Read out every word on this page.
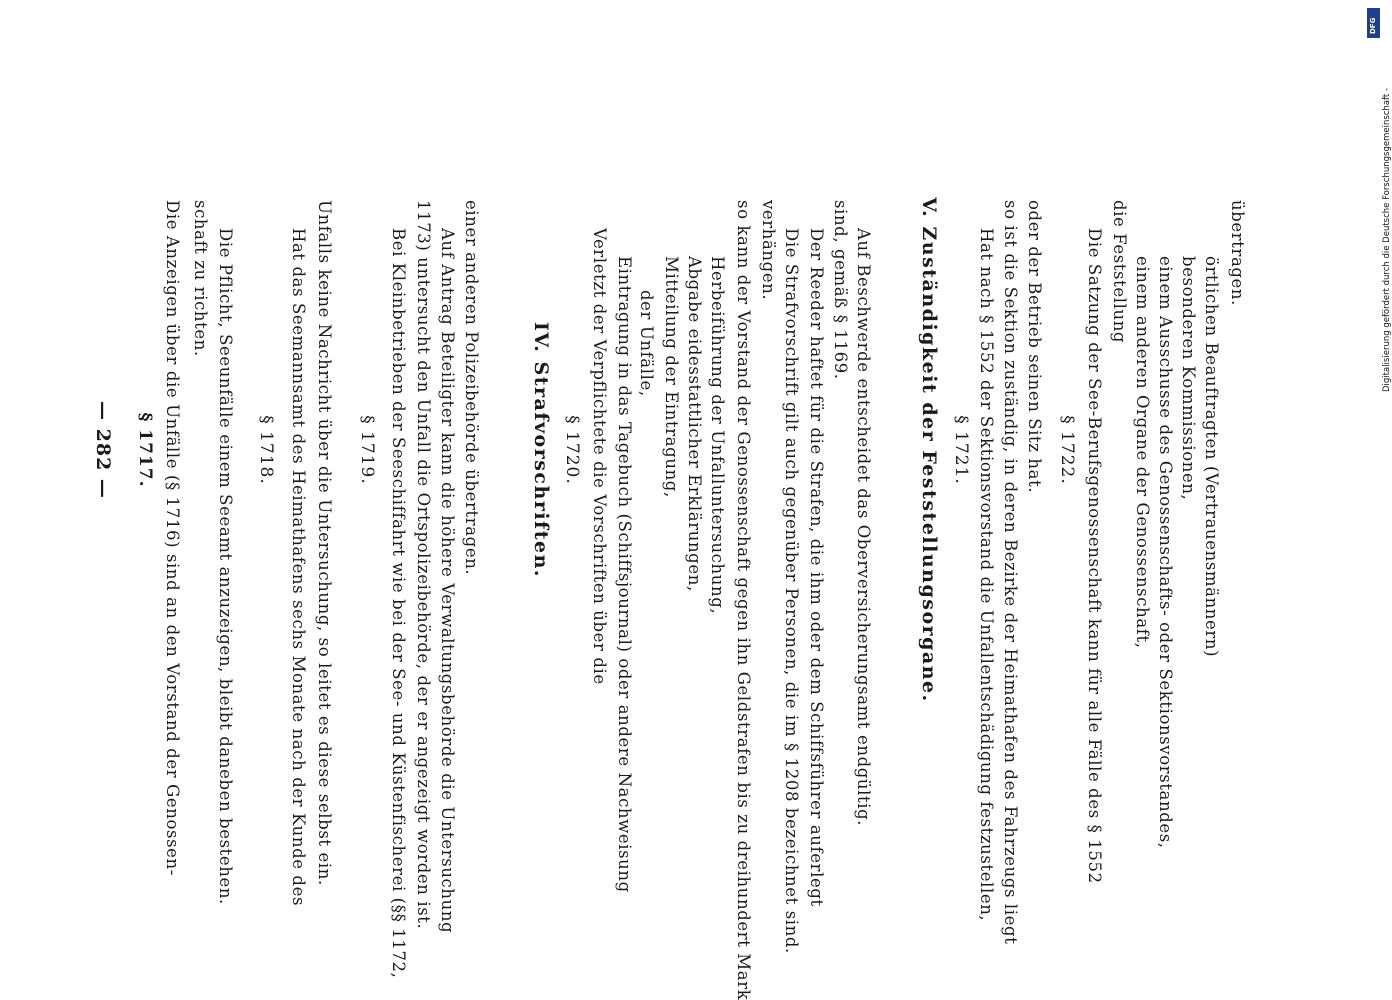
— 282 — § 1717. Die Anzeigen über die Unfälle (§ 1716) sind an den Vorstand der Genossen- schaft zu richten. Die Pflicht, Seeunfälle einem Seeamt anzuzeigen, bleibt daneben bestehen. § 1718. Hat das Seemannsamt des Heimathafens sechs Monate nach der Kunde des Unfalls keine Nachricht über die Untersuchung, so leitet es diese selbst ein. § 1719. Bei Kleinbetrieben der Seeschiffahrt wie bei der See- und Küstenfischerei (§§ 1172, 1173) untersucht den Unfall die Ortspolizeibehörde, der er angezeigt worden ist. Auf Antrag Beteiligter kann die höhere Verwaltungsbehörde die Untersuchung einer anderen Polizeibehörde übertragen.	IV. Strafvorschriften. § 1720. Verletzt der Verpflichtete die Vorschriften über die Eintragung in das Tagebuch (Schiffsjournal) oder andere Nachweisung der Unfälle, Mitteilung der Eintragung, Abgabe eidesstattlicher Erklärungen, Herbeiführung der Unfalluntersuchung, so kann der Vorstand der Genossenschaft gegen ihn Geldstrafen bis zu dreihundert Mark verhängen. Die Strafvorschrift gilt auch gegenüber Personen, die im § 1208 bezeichnet sind. Der Reeder haftet für die Strafen, die ihm oder dem Schiffsführer auferlegt sind, gemäß § 1169. Auf Beschwerde entscheidet das Oberversicherungsamt endgültig. V. Zuständigkeit der Feststellungsorgane. § 1721. Hat nach § 1552 der Sektionsvorstand die Unfallentschädigung festzustellen, so ist die Sektion zuständig, in deren Bezirke der Heimathafen des Fahrzeugs liegt oder der Betrieb seinen Sitz hat. § 1722. Die Satzung der See-Berufsgenossenschaft kann für alle Fälle des § 1552 die Feststellung einem anderen Organe der Genossenschaft, einem Ausschusse des Genossenschafts- oder Sektionsvorstandes, besonderen Kommissionen, örtlichen Beauftragten (Vertrauensmännern)
übertragen.
DFG
Digitalisierung gefördert durch die Deutsche Forschungsgemeinschaft -
